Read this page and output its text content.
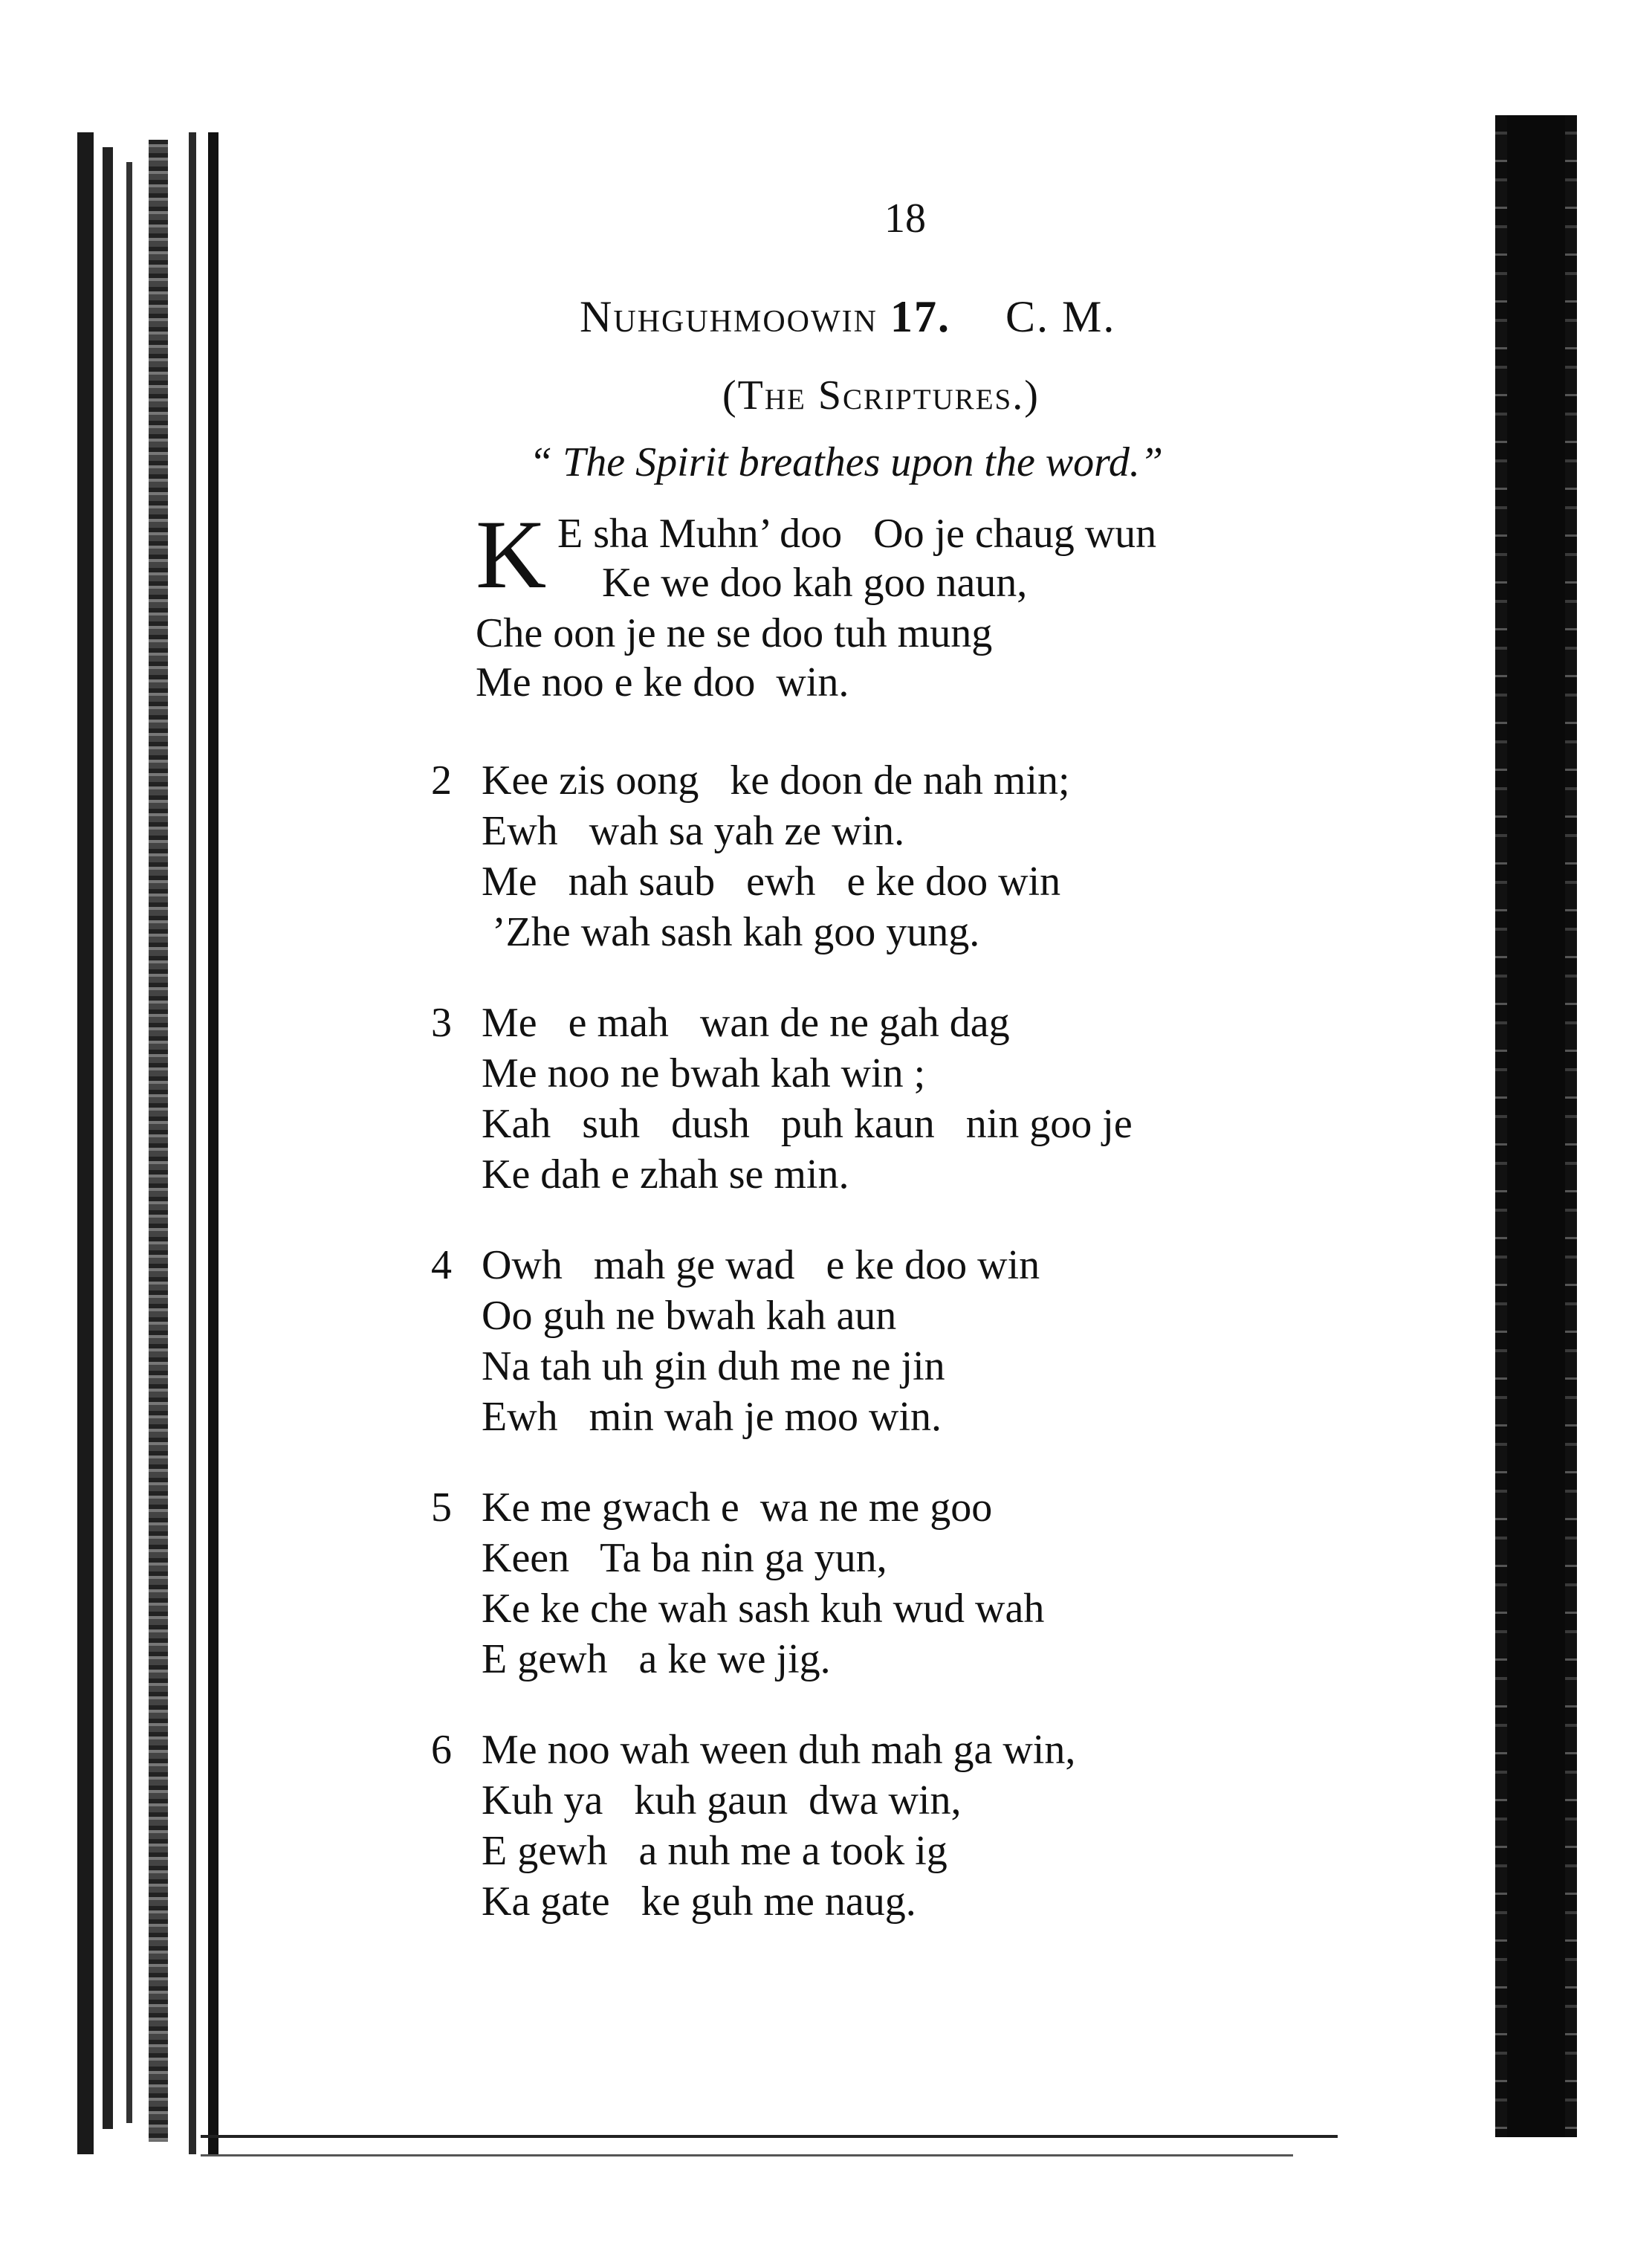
18
Nuhguhmoowin 17. C. M.
(The Scriptures.)
“ The Spirit breathes upon the word.”
K E sha Muhn’ doo   Oo je chaug wun
Ke we doo kah goo naun,
Che oon je ne se doo tuh mung
Me noo e ke doo  win.
2 Kee zis oong   ke doon de nah min;
Ewh   wah sa yah ze win.
Me   nah saub   ewh   e ke doo win
’Zhe wah sash kah goo yung.
3 Me   e mah   wan de ne gah dag
Me noo ne bwah kah win ;
Kah   suh   dush   puh kaun   nin goo je
Ke dah e zhah se min.
4 Owh   mah ge wad   e ke doo win
Oo guh ne bwah kah aun
Na tah uh gin duh me ne jin
Ewh   min wah je moo win.
5 Ke me gwach e  wa ne me goo
Keen   Ta ba nin ga yun,
Ke ke che wah sash kuh wud wah
E gewh   a ke we jig.
6 Me noo wah ween duh mah ga win,
Kuh ya   kuh gaun  dwa win,
E gewh   a nuh me a took ig
Ka gate   ke guh me naug.
